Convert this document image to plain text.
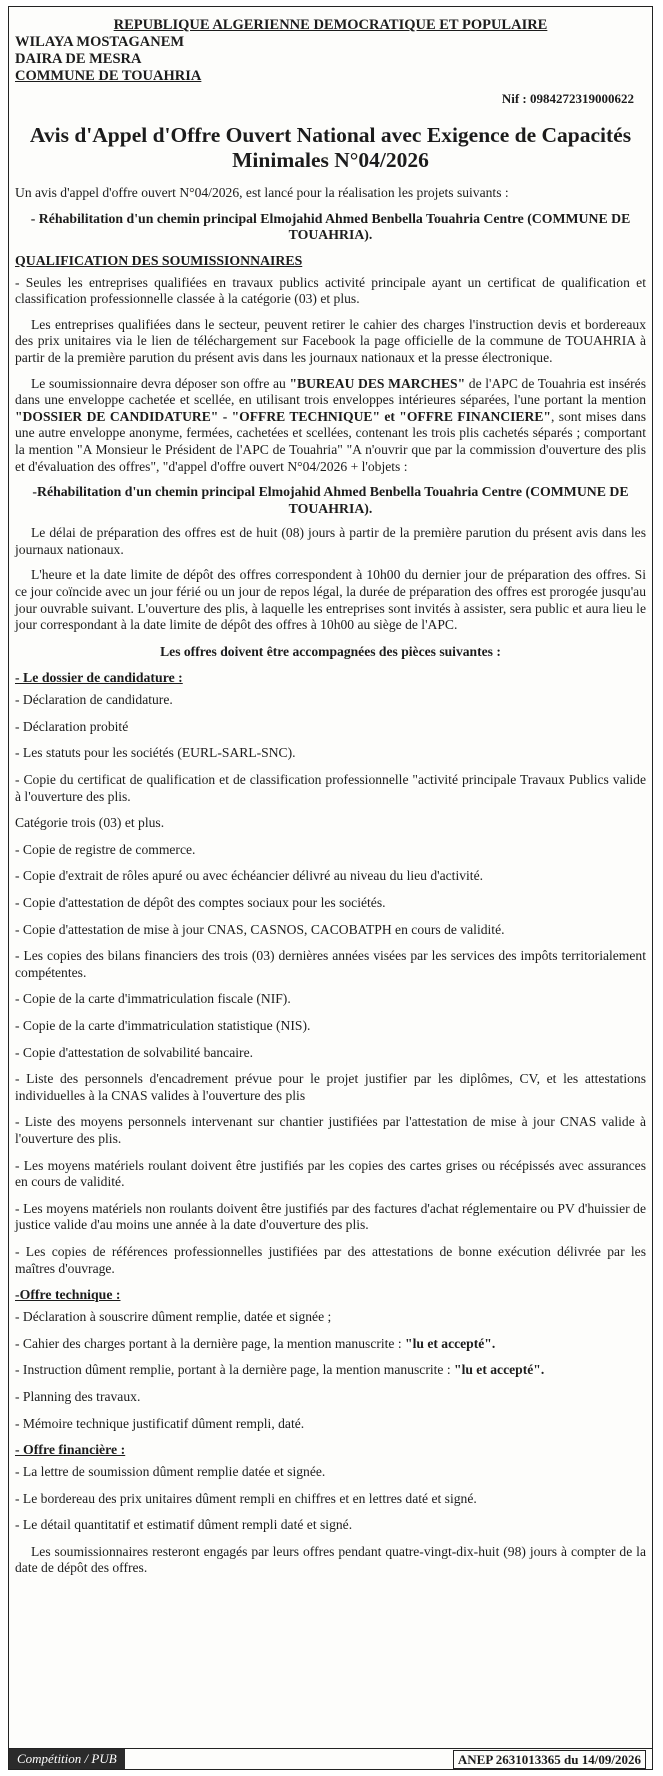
REPUBLIQUE ALGERIENNE DEMOCRATIQUE ET POPULAIRE
WILAYA MOSTAGANEM
DAIRA DE MESRA
COMMUNE DE TOUAHRIA
Nif : 0984272319000622
Avis d'Appel d'Offre Ouvert National avec Exigence de Capacités Minimales N°04/2026

Un avis d'appel d'offre ouvert N°04/2026, est lancé pour la réalisation les projets suivants :

- Réhabilitation d'un chemin principal Elmojahid Ahmed Benbella Touahria Centre (COMMUNE DE TOUAHRIA).
QUALIFICATION DES SOUMISSIONNAIRES

- Seules les entreprises qualifiées en travaux publics activité principale ayant un certificat de qualification et classification professionnelle classée à la catégorie (03) et plus.

Les entreprises qualifiées dans le secteur, peuvent retirer le cahier des charges l'instruction devis et bordereaux des prix unitaires via le lien de téléchargement sur Facebook la page officielle de la commune de TOUAHRIA à partir de la première parution du présent avis dans les journaux nationaux et la presse électronique.

Le soumissionnaire devra déposer son offre au "BUREAU DES MARCHES" de l'APC de Touahria est insérés dans une enveloppe cachetée et scellée, en utilisant trois enveloppes intérieures séparées, l'une portant la mention "DOSSIER DE CANDIDATURE" - "OFFRE TECHNIQUE" et "OFFRE FINANCIERE", sont mises dans une autre enveloppe anonyme, fermées, cachetées et scellées, contenant les trois plis cachetés séparés ; comportant la mention "A Monsieur le Président de l'APC de Touahria" "A n'ouvrir que par la commission d'ouverture des plis et d'évaluation des offres", "d'appel d'offre ouvert N°04/2026 + l'objets :

-Réhabilitation d'un chemin principal Elmojahid Ahmed Benbella Touahria Centre (COMMUNE DE TOUAHRIA).

Le délai de préparation des offres est de huit (08) jours à partir de la première parution du présent avis dans les journaux nationaux.

L'heure et la date limite de dépôt des offres correspondent à 10h00 du dernier jour de préparation des offres. Si ce jour coïncide avec un jour férié ou un jour de repos légal, la durée de préparation des offres est prorogée jusqu'au jour ouvrable suivant. L'ouverture des plis, à laquelle les entreprises sont invités à assister, sera public et aura lieu le jour correspondant à la date limite de dépôt des offres à 10h00 au siège de l'APC.

Les offres doivent être accompagnées des pièces suivantes :

- Le dossier de candidature :

- Déclaration de candidature.

- Déclaration probité

- Les statuts pour les sociétés (EURL-SARL-SNC).

- Copie du certificat de qualification et de classification professionnelle "activité principale Travaux Publics valide à l'ouverture des plis.

Catégorie trois (03) et plus.

- Copie de registre de commerce.

- Copie d'extrait de rôles apuré ou avec échéancier délivré au niveau du lieu d'activité.

- Copie d'attestation de dépôt des comptes sociaux pour les sociétés.

- Copie d'attestation de mise à jour CNAS, CASNOS, CACOBATPH en cours de validité.

- Les copies des bilans financiers des trois (03) dernières années visées par les services des impôts territorialement compétentes.

- Copie de la carte d'immatriculation fiscale (NIF).

- Copie de la carte d'immatriculation statistique (NIS).

- Copie d'attestation de solvabilité bancaire.

- Liste des personnels d'encadrement prévue pour le projet justifier par les diplômes, CV, et les attestations individuelles à la CNAS valides à l'ouverture des plis

- Liste des moyens personnels intervenant sur chantier justifiées par l'attestation de mise à jour CNAS valide à l'ouverture des plis.

- Les moyens matériels roulant doivent être justifiés par les copies des cartes grises ou récépissés avec assurances en cours de validité.

- Les moyens matériels non roulants doivent être justifiés par des factures d'achat réglementaire ou PV d'huissier de justice valide d'au moins une année à la date d'ouverture des plis.

- Les copies de références professionnelles justifiées par des attestations de bonne exécution délivrée par les maîtres d'ouvrage.

-Offre technique :

- Déclaration à souscrire dûment remplie, datée et signée ;

- Cahier des charges portant à la dernière page, la mention manuscrite : "lu et accepté".

- Instruction dûment remplie, portant à la dernière page, la mention manuscrite : "lu et accepté".

- Planning des travaux.

- Mémoire technique justificatif dûment rempli, daté.

- Offre financière :

- La lettre de soumission dûment remplie datée et signée.

- Le bordereau des prix unitaires dûment rempli en chiffres et en lettres daté et signé.

- Le détail quantitatif et estimatif dûment rempli daté et signé.

Les soumissionnaires resteront engagés par leurs offres pendant quatre-vingt-dix-huit (98) jours à compter de la date de dépôt des offres.

Compétition / PUB	ANEP 2631013365 du 14/09/2026
